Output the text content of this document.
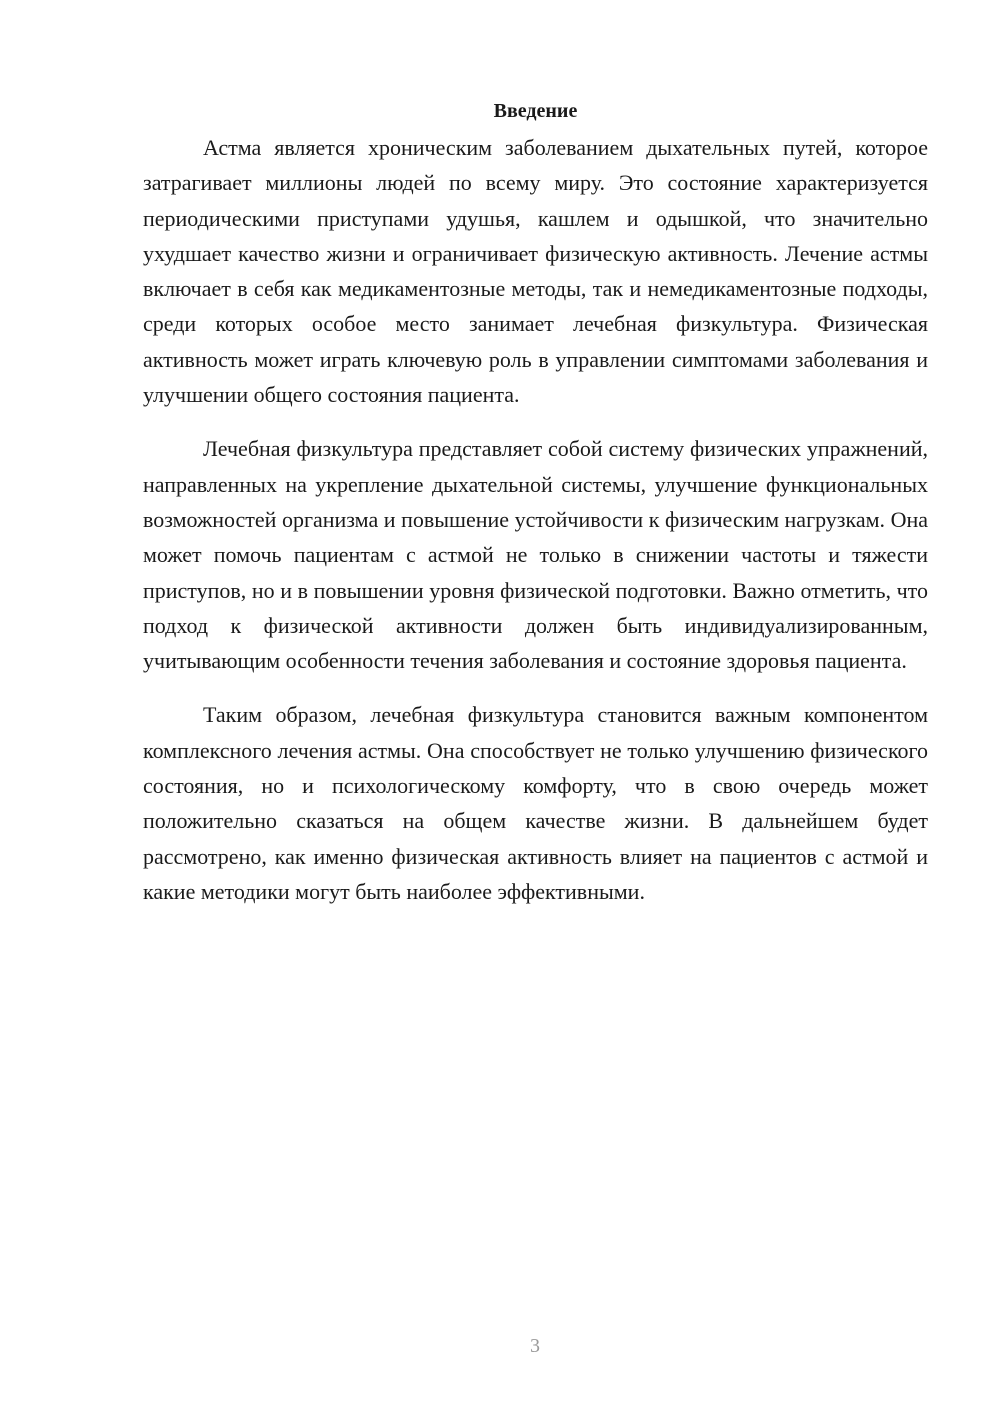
Введение

Астма является хроническим заболеванием дыхательных путей, которое затрагивает миллионы людей по всему миру. Это состояние характеризуется периодическими приступами удушья, кашлем и одышкой, что значительно ухудшает качество жизни и ограничивает физическую активность. Лечение астмы включает в себя как медикаментозные методы, так и немедикаментозные подходы, среди которых особое место занимает лечебная физкультура. Физическая активность может играть ключевую роль в управлении симптомами заболевания и улучшении общего состояния пациента.

Лечебная физкультура представляет собой систему физических упражнений, направленных на укрепление дыхательной системы, улучшение функциональных возможностей организма и повышение устойчивости к физическим нагрузкам. Она может помочь пациентам с астмой не только в снижении частоты и тяжести приступов, но и в повышении уровня физической подготовки. Важно отметить, что подход к физической активности должен быть индивидуализированным, учитывающим особенности течения заболевания и состояние здоровья пациента.

Таким образом, лечебная физкультура становится важным компонентом комплексного лечения астмы. Она способствует не только улучшению физического состояния, но и психологическому комфорту, что в свою очередь может положительно сказаться на общем качестве жизни. В дальнейшем будет рассмотрено, как именно физическая активность влияет на пациентов с астмой и какие методики могут быть наиболее эффективными.

3
